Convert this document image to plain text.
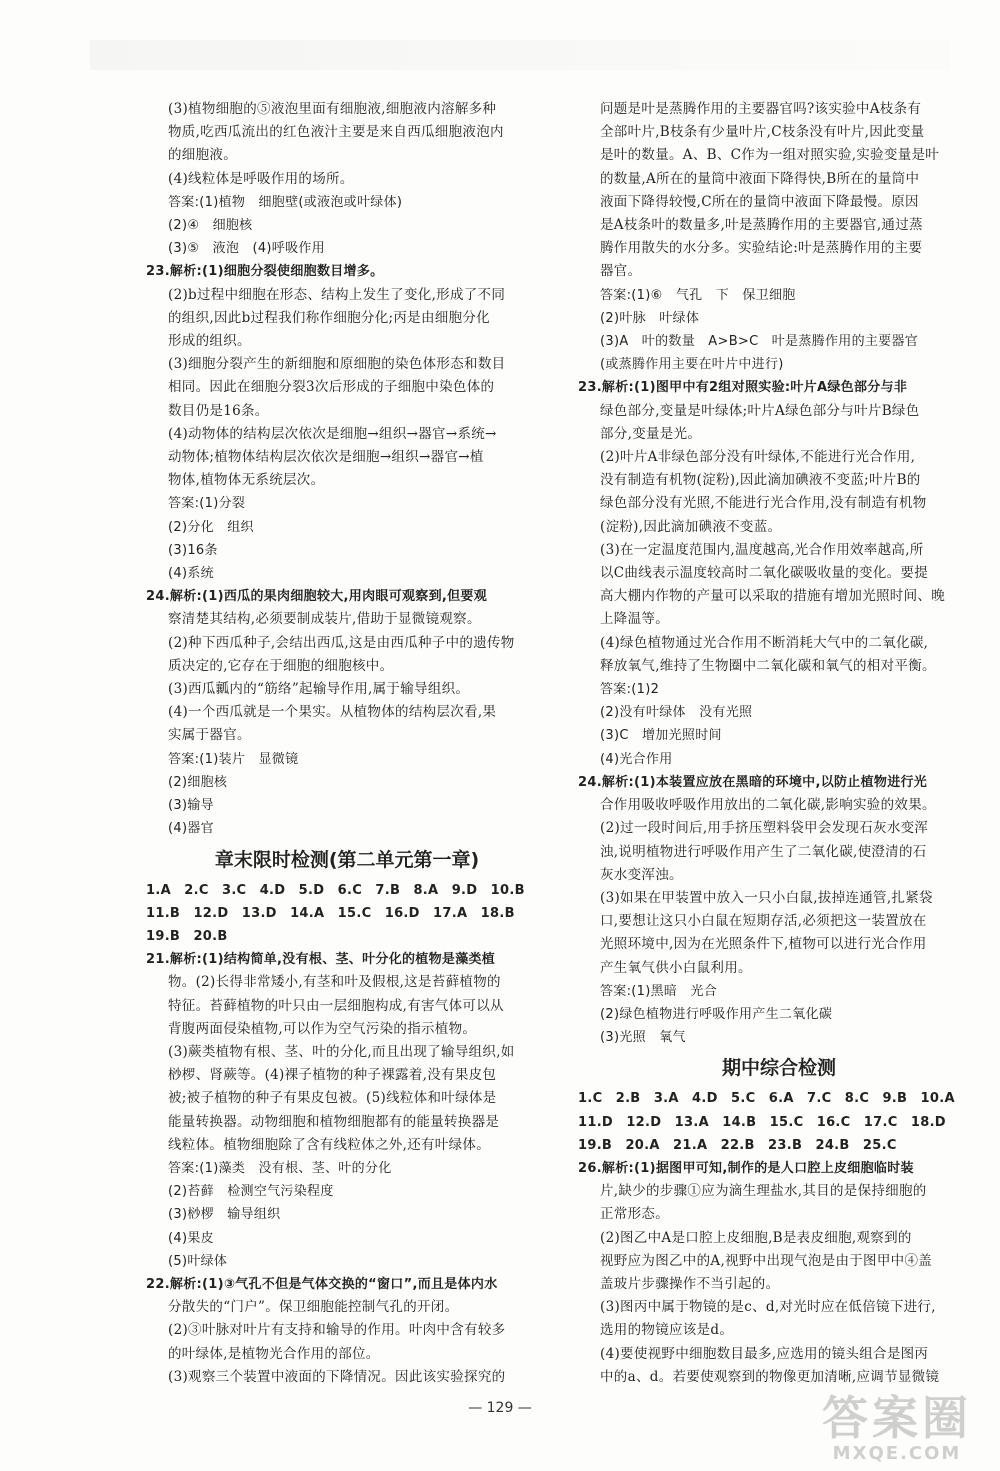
(3)植物细胞的⑤液泡里面有细胞液,细胞液内溶解多种
物质,吃西瓜流出的红色液汁主要是来自西瓜细胞液泡内
的细胞液。
(4)线粒体是呼吸作用的场所。
答案:(1)植物　细胞壁(或液泡或叶绿体)
(2)④　细胞核
(3)⑤　液泡　(4)呼吸作用
23.解析:(1)细胞分裂使细胞数目增多。
(2)b过程中细胞在形态、结构上发生了变化,形成了不同
的组织,因此b过程我们称作细胞分化;丙是由细胞分化
形成的组织。
(3)细胞分裂产生的新细胞和原细胞的染色体形态和数目
相同。因此在细胞分裂3次后形成的子细胞中染色体的
数目仍是16条。
(4)动物体的结构层次依次是细胞→组织→器官→系统→
动物体;植物体结构层次依次是细胞→组织→器官→植
物体,植物体无系统层次。
答案:(1)分裂
(2)分化　组织
(3)16条
(4)系统
24.解析:(1)西瓜的果肉细胞较大,用肉眼可观察到,但要观
察清楚其结构,必须要制成装片,借助于显微镜观察。
(2)种下西瓜种子,会结出西瓜,这是由西瓜种子中的遗传物
质决定的,它存在于细胞的细胞核中。
(3)西瓜瓤内的“筋络”起输导作用,属于输导组织。
(4)一个西瓜就是一个果实。从植物体的结构层次看,果
实属于器官。
答案:(1)装片　显微镜
(2)细胞核
(3)输导
(4)器官
章末限时检测(第二单元第一章)
1.A　2.C　3.C　4.D　5.D　6.C　7.B　8.A　9.D　10.B
11.B　12.D　13.D　14.A　15.C　16.D　17.A　18.B
19.B　20.B
21.解析:(1)结构简单,没有根、茎、叶分化的植物是藻类植
物。(2)长得非常矮小,有茎和叶及假根,这是苔藓植物的
特征。苔藓植物的叶只由一层细胞构成,有害气体可以从
背腹两面侵染植物,可以作为空气污染的指示植物。
(3)蕨类植物有根、茎、叶的分化,而且出现了输导组织,如
桫椤、肾蕨等。(4)裸子植物的种子裸露着,没有果皮包
被;被子植物的种子有果皮包被。(5)线粒体和叶绿体是
能量转换器。动物细胞和植物细胞都有的能量转换器是
线粒体。植物细胞除了含有线粒体之外,还有叶绿体。
答案:(1)藻类　没有根、茎、叶的分化
(2)苔藓　检测空气污染程度
(3)桫椤　输导组织
(4)果皮
(5)叶绿体
22.解析:(1)③气孔不但是气体交换的“窗口”,而且是体内水
分散失的“门户”。保卫细胞能控制气孔的开闭。
(2)③叶脉对叶片有支持和输导的作用。叶肉中含有较多
的叶绿体,是植物光合作用的部位。
(3)观察三个装置中液面的下降情况。因此该实验探究的
问题是叶是蒸腾作用的主要器官吗?该实验中A枝条有
全部叶片,B枝条有少量叶片,C枝条没有叶片,因此变量
是叶的数量。A、B、C作为一组对照实验,实验变量是叶
的数量,A所在的量筒中液面下降得快,B所在的量筒中
液面下降得较慢,C所在的量筒中液面下降最慢。原因
是A枝条叶的数量多,叶是蒸腾作用的主要器官,通过蒸
腾作用散失的水分多。实验结论:叶是蒸腾作用的主要
器官。
答案:(1)⑥　气孔　下　保卫细胞
(2)叶脉　叶绿体
(3)A　叶的数量　A>B>C　叶是蒸腾作用的主要器官
(或蒸腾作用主要在叶片中进行)
23.解析:(1)图甲中有2组对照实验:叶片A绿色部分与非
绿色部分,变量是叶绿体;叶片A绿色部分与叶片B绿色
部分,变量是光。
(2)叶片A非绿色部分没有叶绿体,不能进行光合作用,
没有制造有机物(淀粉),因此滴加碘液不变蓝;叶片B的
绿色部分没有光照,不能进行光合作用,没有制造有机物
(淀粉),因此滴加碘液不变蓝。
(3)在一定温度范围内,温度越高,光合作用效率越高,所
以C曲线表示温度较高时二氧化碳吸收量的变化。要提
高大棚内作物的产量可以采取的措施有增加光照时间、晚
上降温等。
(4)绿色植物通过光合作用不断消耗大气中的二氧化碳,
释放氧气,维持了生物圈中二氧化碳和氧气的相对平衡。
答案:(1)2
(2)没有叶绿体　没有光照
(3)C　增加光照时间
(4)光合作用
24.解析:(1)本装置应放在黑暗的环境中,以防止植物进行光
合作用吸收呼吸作用放出的二氧化碳,影响实验的效果。
(2)过一段时间后,用手挤压塑料袋甲会发现石灰水变浑
浊,说明植物进行呼吸作用产生了二氧化碳,使澄清的石
灰水变浑浊。
(3)如果在甲装置中放入一只小白鼠,拔掉连通管,扎紧袋
口,要想让这只小白鼠在短期存活,必须把这一装置放在
光照环境中,因为在光照条件下,植物可以进行光合作用
产生氧气供小白鼠利用。
答案:(1)黑暗　光合
(2)绿色植物进行呼吸作用产生二氧化碳
(3)光照　氧气
期中综合检测
1.C　2.B　3.A　4.D　5.C　6.A　7.C　8.C　9.B　10.A
11.D　12.D　13.A　14.B　15.C　16.C　17.C　18.D
19.B　20.A　21.A　22.B　23.B　24.B　25.C
26.解析:(1)据图甲可知,制作的是人口腔上皮细胞临时装
片,缺少的步骤①应为滴生理盐水,其目的是保持细胞的
正常形态。
(2)图乙中A是口腔上皮细胞,B是表皮细胞,观察到的
视野应为图乙中的A,视野中出现气泡是由于图甲中④盖
盖玻片步骤操作不当引起的。
(3)图丙中属于物镜的是c、d,对光时应在低倍镜下进行,
选用的物镜应该是d。
(4)要使视野中细胞数目最多,应选用的镜头组合是图丙
中的a、d。若要使观察到的物像更加清晰,应调节显微镜
— 129 —	答案圈
MXQE.COM
